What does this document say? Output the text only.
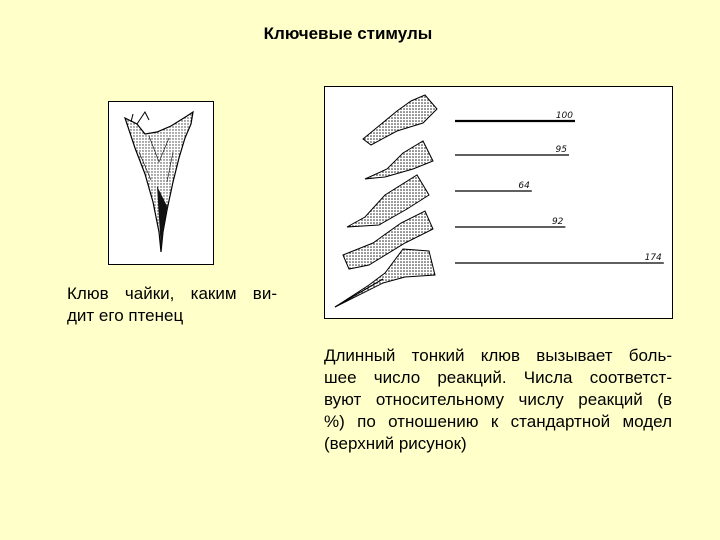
Ключевые стимулы
100
95
64
92
174
Клюв чайки, каким ви-
дит его птенец
Длинный тонкий клюв вызывает боль-
шее число реакций. Числа соответст-
вуют относительному числу реакций (в
%) по отношению к стандартной модел
(верхний рисунок)
